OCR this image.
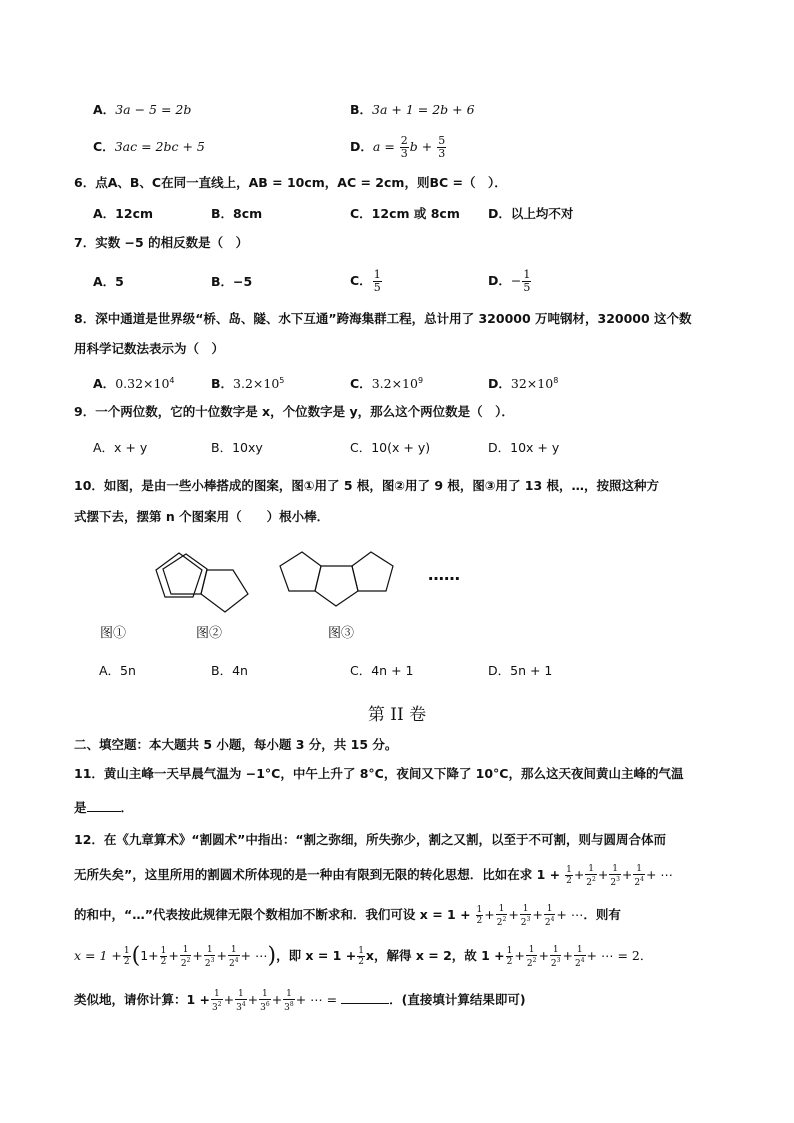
A．3a − 5 = 2b	B．3a + 1 = 2b + 6
C．3ac = 2bc + 5	D．$a = \frac{2}{3}$ $b + \frac{5}{3}$
6．点A、B、C在同一直线上，AB = 10cm，AC = 2cm，则BC =（　）．
A．12cm	B．8cm	C．12cm 或 8cm D．以上均不对
7．实数 −5 的相反数是（　）
A．5	B．−5	C． $\frac{1}{5}$	D．− $\frac{1}{5}$
8．深中通道是世界级“桥、岛、隧、水下互通”跨海集群工程，总计用了 320000 万吨钢材，320000 这个数
用科学记数法表示为（　）
A．$0.32\times 10^4$	B．$3.2\times 10^5$	C．$3.2\times 10^9$	D．$32\times 10^8$
9．一个两位数，它的十位数字是 x，个位数字是 y，那么这个两位数是（　）．
A．x + y	B．10xy	C．10(x + y)	D．10x + y
10．如图，是由一些小棒搭成的图案，图①用了 5 根，图②用了 9 根，图③用了 13 根，…，按照这种方
式摆下去，摆第 n 个图案用（　　）根小棒．
……
图①	图②	图③
A．5n	B．4n	C．4n + 1	D．5n + 1
第 II 卷
二、填空题：本大题共 5 小题，每小题 3 分，共 15 分。
11．黄山主峰一天早晨气温为 −1°C，中午上升了 8°C，夜间又下降了 10°C，那么这天夜间黄山主峰的气温
是	．
12．在《九章算术》“割圆术”中指出：“割之弥细，所失弥少，割之又割，以至于不可割，则与圆周合体而
无所失矣”，这里所用的割圆术所体现的是一种由有限到无限的转化思想．比如在求 $1 + \frac{1}{2} + \frac{1}{2^2} + \frac{1}{2^3} + \frac{1}{2^4}$ + ⋯
的和中，“…”代表按此规律无限个数相加不断求和．我们可设 $x = 1 + \frac{1}{2} + \frac{1}{2^2} + \frac{1}{2^3} + \frac{1}{2^4}$ + ⋯．则有
$x = 1 + \frac{1}{2} (1+ \frac{1}{2} + \frac{1}{2^2} + \frac{1}{2^3} + \frac{1}{2^4}$ + ⋯)，即 $x = 1 + \frac{1}{2}$ x，解得 x = 2，故 $1 + \frac{1}{2} + \frac{1}{2^2} + \frac{1}{2^3} + \frac{1}{2^4}$ + ⋯ = 2．
类似地，请你计算：$1 + \frac{1}{3^2} + \frac{1}{3^4} + \frac{1}{3^6} + \frac{1}{3^8}$ + ⋯ =	．(直接填计算结果即可)
